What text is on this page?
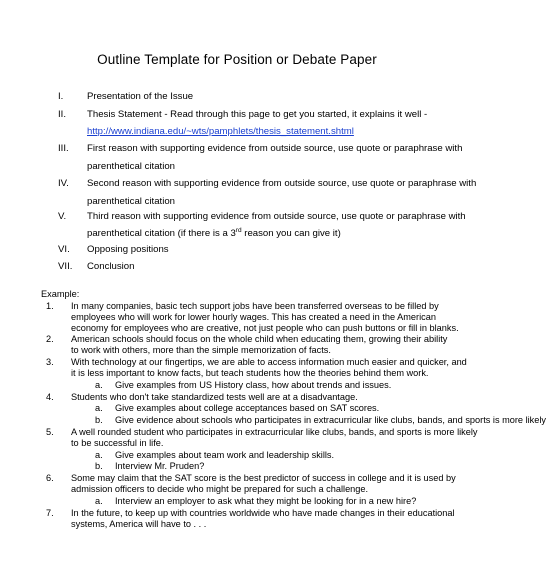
Outline Template for Position or Debate Paper
I. Presentation of the Issue
II. Thesis Statement - Read through this page to get you started, it explains it well -
http://www.indiana.edu/~wts/pamphlets/thesis_statement.shtml
III. First reason with supporting evidence from outside source, use quote or paraphrase with
parenthetical citation
IV. Second reason with supporting evidence from outside source, use quote or paraphrase with
parenthetical citation
V. Third reason with supporting evidence from outside source, use quote or paraphrase with
parenthetical citation (if there is a 3rd reason you can give it)
VI. Opposing positions
VII. Conclusion
Example:
1.
2.
3.
a.
4.
a.
b.
5.
a.
b.
6.
a.
7.
In many companies, basic tech support jobs have been transferred overseas to be filled by
employees who will work for lower hourly wages. This has created a need in the American
economy for employees who are creative, not just people who can push buttons or fill in blanks.
American schools should focus on the whole child when educating them, growing their ability
to work with others, more than the simple memorization of facts.
With technology at our fingertips, we are able to access information much easier and quicker, and
it is less important to know facts, but teach students how the theories behind them work.
Give examples from US History class, how about trends and issues.
Students who don't take standardized tests well are at a disadvantage.
Give examples about college acceptances based on SAT scores.
Give evidence about schools who participates in extracurricular like clubs, bands, and sports is more likely
A well rounded student who participates in extracurricular like clubs, bands, and sports is more likely
to be successful in life.
Give examples about team work and leadership skills.
Interview Mr. Pruden?
Some may claim that the SAT score is the best predictor of success in college and it is used by
admission officers to decide who might be prepared for such a challenge.
Interview an employer to ask what they might be looking for in a new hire?
In the future, to keep up with countries worldwide who have made changes in their educational
systems, America will have to . . .
